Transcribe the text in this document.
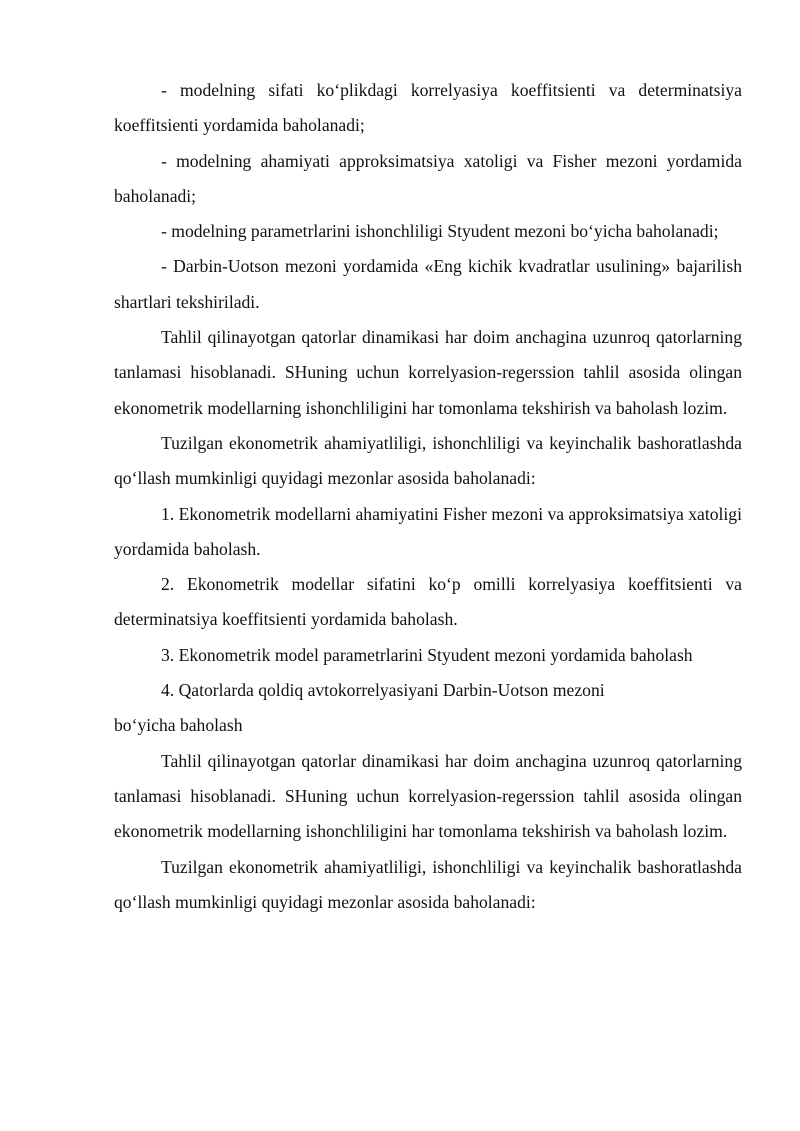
- modelning sifati ko‘plikdagi korrelyasiya koeffitsienti va determinatsiya koeffitsienti yordamida baholanadi;

- modelning ahamiyati approksimatsiya xatoligi va Fisher mezoni yordamida baholanadi;

- modelning parametrlarini ishonchliligi Styudent mezoni bo‘yicha baholanadi;

- Darbin-Uotson mezoni yordamida «Eng kichik kvadratlar usulining» bajarilish shartlari tekshiriladi.

Tahlil qilinayotgan qatorlar dinamikasi har doim anchagina uzunroq qatorlarning tanlamasi hisoblanadi. SHuning uchun korrelyasion-regerssion tahlil asosida olingan ekonometrik modellarning ishonchliligini har tomonlama tekshirish va baholash lozim.

Tuzilgan ekonometrik ahamiyatliligi, ishonchliligi va keyinchalik bashoratlashda qo‘llash mumkinligi quyidagi mezonlar asosida baholanadi:

1. Ekonometrik modellarni ahamiyatini Fisher mezoni va approksimatsiya xatoligi yordamida baholash.

2. Ekonometrik modellar sifatini ko‘p omilli korrelyasiya koeffitsienti va determinatsiya koeffitsienti yordamida baholash.

3. Ekonometrik model parametrlarini Styudent mezoni yordamida baholash

4. Qatorlarda qoldiq avtokorrelyasiyani Darbin-Uotson mezoni

bo‘yicha baholash

Tahlil qilinayotgan qatorlar dinamikasi har doim anchagina uzunroq qatorlarning tanlamasi hisoblanadi. SHuning uchun korrelyasion-regerssion tahlil asosida olingan ekonometrik modellarning ishonchliligini har tomonlama tekshirish va baholash lozim.

Tuzilgan ekonometrik ahamiyatliligi, ishonchliligi va keyinchalik bashoratlashda qo‘llash mumkinligi quyidagi mezonlar asosida baholanadi:
